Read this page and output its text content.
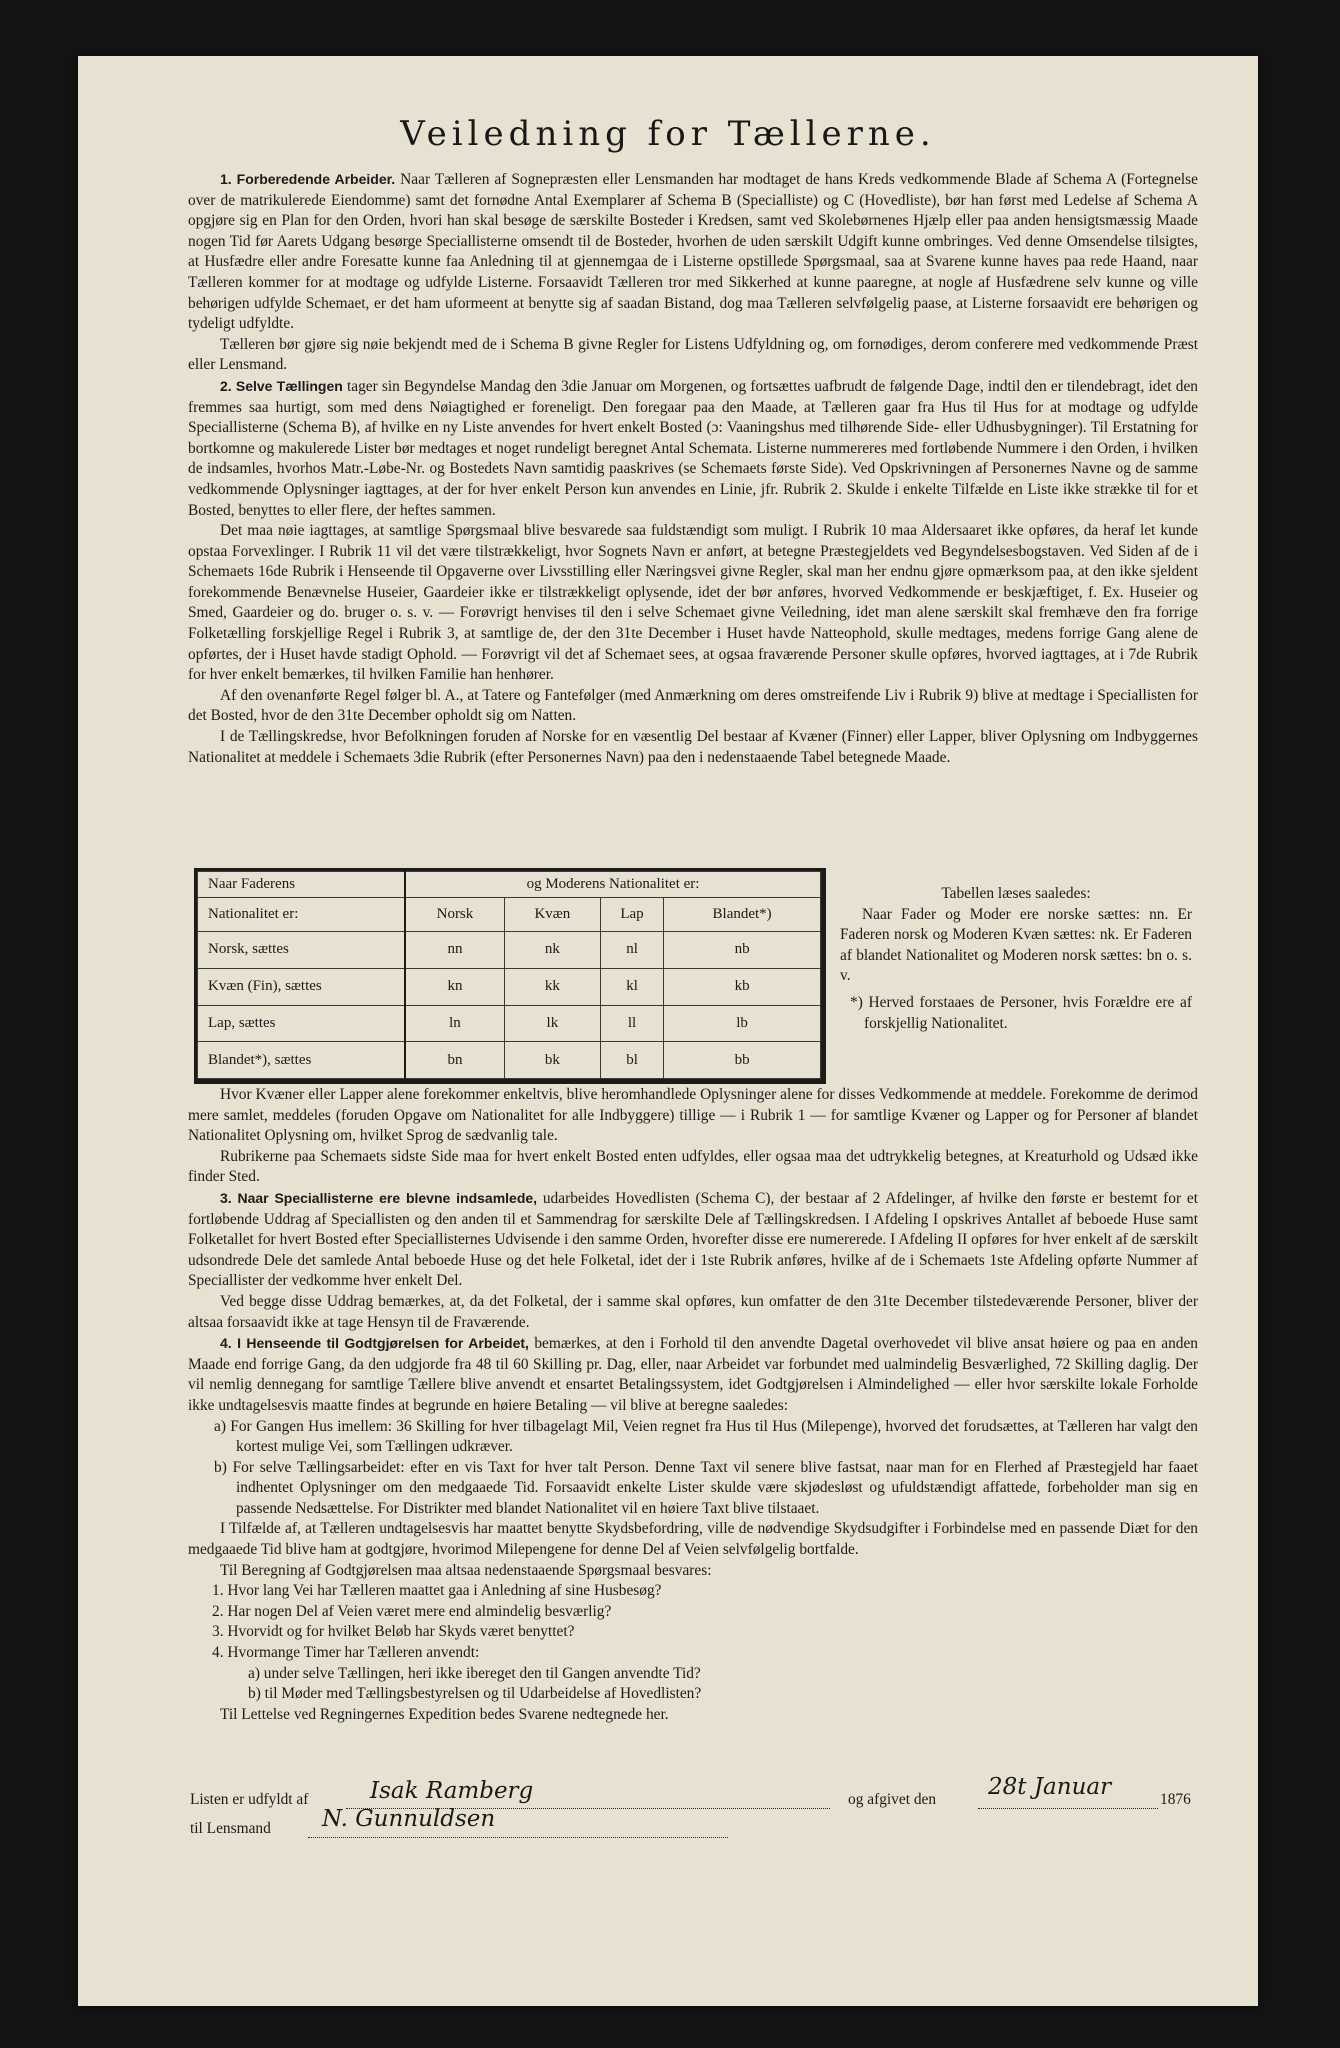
Veiledning for Tællerne.

1. Forberedende Arbeider. Naar Tælleren af Sognepræsten eller Lensmanden har modtaget de hans Kreds vedkommende Blade af Schema A (Fortegnelse over de matrikulerede Eiendomme) samt det fornødne Antal Exemplarer af Schema B (Specialliste) og C (Hovedliste), bør han først med Ledelse af Schema A opgjøre sig en Plan for den Orden, hvori han skal besøge de særskilte Bosteder i Kredsen, samt ved Skolebørnenes Hjælp eller paa anden hensigtsmæssig Maade nogen Tid før Aarets Udgang besørge Speciallisterne omsendt til de Bosteder, hvorhen de uden særskilt Udgift kunne ombringes. Ved denne Omsendelse tilsigtes, at Husfædre eller andre Foresatte kunne faa Anledning til at gjennemgaa de i Listerne opstillede Spørgsmaal, saa at Svarene kunne haves paa rede Haand, naar Tælleren kommer for at modtage og udfylde Listerne. Forsaavidt Tælleren tror med Sikkerhed at kunne paaregne, at nogle af Husfædrene selv kunne og ville behørigen udfylde Schemaet, er det ham uformeent at benytte sig af saadan Bistand, dog maa Tælleren selvfølgelig paase, at Listerne forsaavidt ere behørigen og tydeligt udfyldte.

Tælleren bør gjøre sig nøie bekjendt med de i Schema B givne Regler for Listens Udfyldning og, om fornødiges, derom conferere med vedkommende Præst eller Lensmand.

2. Selve Tællingen tager sin Begyndelse Mandag den 3die Januar om Morgenen, og fortsættes uafbrudt de følgende Dage, indtil den er tilendebragt, idet den fremmes saa hurtigt, som med dens Nøiagtighed er foreneligt. Den foregaar paa den Maade, at Tælleren gaar fra Hus til Hus for at modtage og udfylde Speciallisterne (Schema B), af hvilke en ny Liste anvendes for hvert enkelt Bosted (ɔ: Vaaningshus med tilhørende Side- eller Udhusbygninger). Til Erstatning for bortkomne og makulerede Lister bør medtages et noget rundeligt beregnet Antal Schemata. Listerne nummereres med fortløbende Nummere i den Orden, i hvilken de indsamles, hvorhos Matr.-Løbe-Nr. og Bostedets Navn samtidig paaskrives (se Schemaets første Side). Ved Opskrivningen af Personernes Navne og de samme vedkommende Oplysninger iagttages, at der for hver enkelt Person kun anvendes en Linie, jfr. Rubrik 2. Skulde i enkelte Tilfælde en Liste ikke strække til for et Bosted, benyttes to eller flere, der heftes sammen.

Det maa nøie iagttages, at samtlige Spørgsmaal blive besvarede saa fuldstændigt som muligt. I Rubrik 10 maa Aldersaaret ikke opføres, da heraf let kunde opstaa Forvexlinger. I Rubrik 11 vil det være tilstrækkeligt, hvor Sognets Navn er anført, at betegne Præstegjeldets ved Begyndelsesbogstaven. Ved Siden af de i Schemaets 16de Rubrik i Henseende til Opgaverne over Livsstilling eller Næringsvei givne Regler, skal man her endnu gjøre opmærksom paa, at den ikke sjeldent forekommende Benævnelse Huseier, Gaardeier ikke er tilstrækkeligt oplysende, idet der bør anføres, hvorved Vedkommende er beskjæftiget, f. Ex. Huseier og Smed, Gaardeier og do. bruger o. s. v. — Forøvrigt henvises til den i selve Schemaet givne Veiledning, idet man alene særskilt skal fremhæve den fra forrige Folketælling forskjellige Regel i Rubrik 3, at samtlige de, der den 31te December i Huset havde Natteophold, skulle medtages, medens forrige Gang alene de opførtes, der i Huset havde stadigt Ophold. — Forøvrigt vil det af Schemaet sees, at ogsaa fraværende Personer skulle opføres, hvorved iagttages, at i 7de Rubrik for hver enkelt bemærkes, til hvilken Familie han henhører.

Af den ovenanførte Regel følger bl. A., at Tatere og Fantefølger (med Anmærkning om deres omstreifende Liv i Rubrik 9) blive at medtage i Speciallisten for det Bosted, hvor de den 31te December opholdt sig om Natten.

I de Tællingskredse, hvor Befolkningen foruden af Norske for en væsentlig Del bestaar af Kvæner (Finner) eller Lapper, bliver Oplysning om Indbyggernes Nationalitet at meddele i Schemaets 3die Rubrik (efter Personernes Navn) paa den i nedenstaaende Tabel betegnede Maade.

Naar Faderens	og Moderens Nationalitet er:			
Nationalitet er:	Norsk	Kvæn	Lap	Blandet*)
Norsk, sættes	nn	nk	nl	nb
Kvæn (Fin), sættes	kn	kk	kl	kb
Lap, sættes	ln	lk	ll	lb
Blandet*), sættes	bn	bk	bl	bb

Tabellen læses saaledes:

Naar Fader og Moder ere norske sættes: nn. Er Faderen norsk og Moderen Kvæn sættes: nk. Er Faderen af blandet Nationalitet og Moderen norsk sættes: bn o. s. v.

*) Herved forstaaes de Personer, hvis Forældre ere af forskjellig Nationalitet.

Hvor Kvæner eller Lapper alene forekommer enkeltvis, blive heromhandlede Oplysninger alene for disses Vedkommende at meddele. Forekomme de derimod mere samlet, meddeles (foruden Opgave om Nationalitet for alle Indbyggere) tillige — i Rubrik 1 — for samtlige Kvæner og Lapper og for Personer af blandet Nationalitet Oplysning om, hvilket Sprog de sædvanlig tale.

Rubrikerne paa Schemaets sidste Side maa for hvert enkelt Bosted enten udfyldes, eller ogsaa maa det udtrykkelig betegnes, at Kreaturhold og Udsæd ikke finder Sted.

3. Naar Speciallisterne ere blevne indsamlede, udarbeides Hovedlisten (Schema C), der bestaar af 2 Afdelinger, af hvilke den første er bestemt for et fortløbende Uddrag af Speciallisten og den anden til et Sammendrag for særskilte Dele af Tællingskredsen. I Afdeling I opskrives Antallet af beboede Huse samt Folketallet for hvert Bosted efter Speciallisternes Udvisende i den samme Orden, hvorefter disse ere numererede. I Afdeling II opføres for hver enkelt af de særskilt udsondrede Dele det samlede Antal beboede Huse og det hele Folketal, idet der i 1ste Rubrik anføres, hvilke af de i Schemaets 1ste Afdeling opførte Nummer af Speciallister der vedkomme hver enkelt Del.

Ved begge disse Uddrag bemærkes, at, da det Folketal, der i samme skal opføres, kun omfatter de den 31te December tilstedeværende Personer, bliver der altsaa forsaavidt ikke at tage Hensyn til de Fraværende.

4. I Henseende til Godtgjørelsen for Arbeidet, bemærkes, at den i Forhold til den anvendte Dagetal overhovedet vil blive ansat høiere og paa en anden Maade end forrige Gang, da den udgjorde fra 48 til 60 Skilling pr. Dag, eller, naar Arbeidet var forbundet med ualmindelig Besværlighed, 72 Skilling daglig. Der vil nemlig dennegang for samtlige Tællere blive anvendt et ensartet Betalingssystem, idet Godtgjørelsen i Almindelighed — eller hvor særskilte lokale Forholde ikke undtagelsesvis maatte findes at begrunde en høiere Betaling — vil blive at beregne saaledes:

a) For Gangen Hus imellem: 36 Skilling for hver tilbagelagt Mil, Veien regnet fra Hus til Hus (Milepenge), hvorved det forudsættes, at Tælleren har valgt den kortest mulige Vei, som Tællingen udkræver.

b) For selve Tællingsarbeidet: efter en vis Taxt for hver talt Person. Denne Taxt vil senere blive fastsat, naar man for en Flerhed af Præstegjeld har faaet indhentet Oplysninger om den medgaaede Tid. Forsaavidt enkelte Lister skulde være skjødesløst og ufuldstændigt affattede, forbeholder man sig en passende Nedsættelse. For Distrikter med blandet Nationalitet vil en høiere Taxt blive tilstaaet.

I Tilfælde af, at Tælleren undtagelsesvis har maattet benytte Skydsbefordring, ville de nødvendige Skydsudgifter i Forbindelse med en passende Diæt for den medgaaede Tid blive ham at godtgjøre, hvorimod Milepengene for denne Del af Veien selvfølgelig bortfalde.

Til Beregning af Godtgjørelsen maa altsaa nedenstaaende Spørgsmaal besvares:

1. Hvor lang Vei har Tælleren maattet gaa i Anledning af sine Husbesøg?

2. Har nogen Del af Veien været mere end almindelig besværlig?

3. Hvorvidt og for hvilket Beløb har Skyds været benyttet?

4. Hvormange Timer har Tælleren anvendt:

a) under selve Tællingen, heri ikke ibereget den til Gangen anvendte Tid?

b) til Møder med Tællingsbestyrelsen og til Udarbeidelse af Hovedlisten?

Til Lettelse ved Regningernes Expedition bedes Svarene nedtegnede her.

Listen er udfyldt af	Isak Ramberg	og afgivet den 28t Januar	1876
til Lensmand N. Gunnuldsen
